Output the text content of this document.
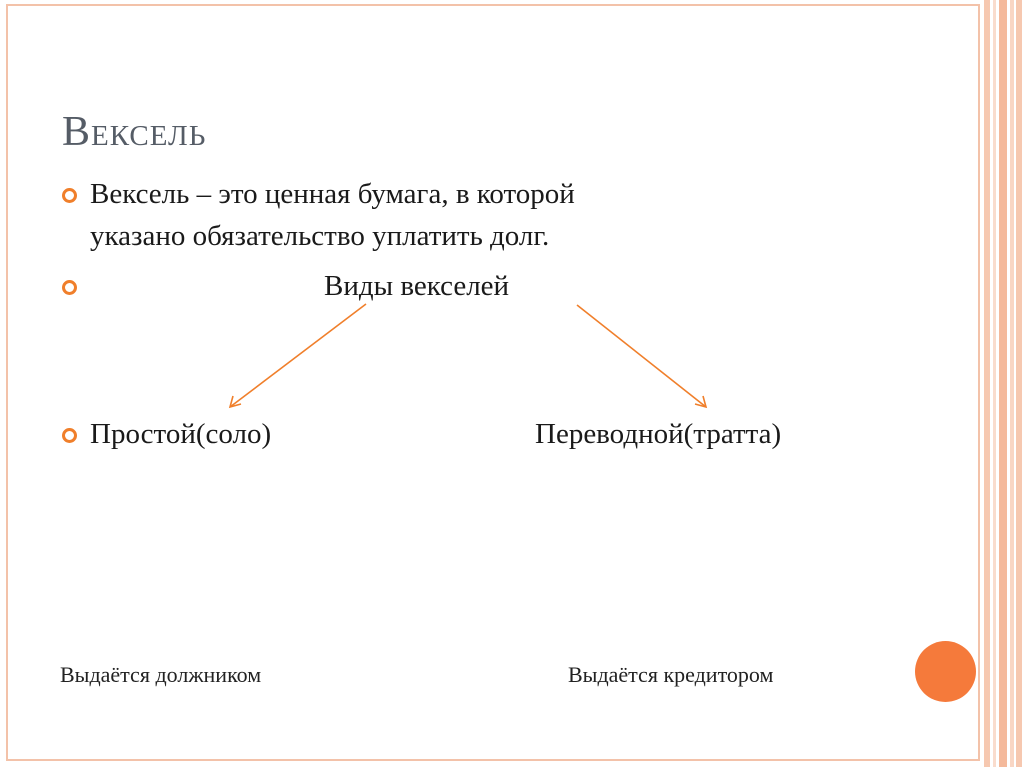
Вексель
Вексель – это ценная бумага, в которой
указано обязательство уплатить долг.
Виды векселей
Простой(соло)	Переводной(тратта)
Выдаётся должником	Выдаётся кредитором
